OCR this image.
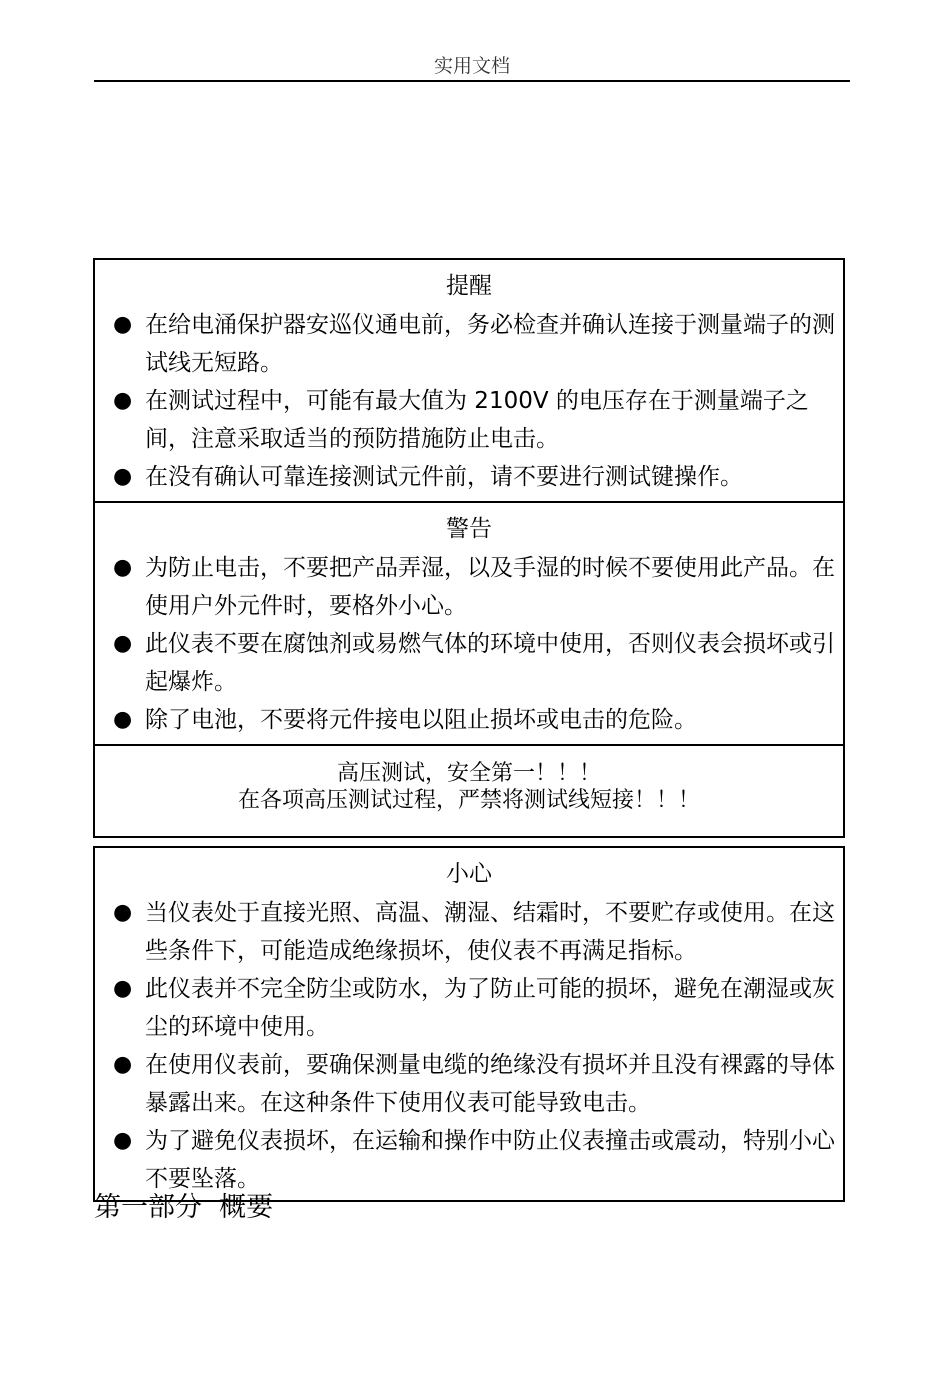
实用文档
提醒
● 在给电涌保护器安巡仪通电前，务必检查并确认连接于测量端子的测试线无短路。
● 在测试过程中，可能有最大值为 2100V 的电压存在于测量端子之间，注意采取适当的预防措施防止电击。
● 在没有确认可靠连接测试元件前，请不要进行测试键操作。
警告
● 为防止电击，不要把产品弄湿，以及手湿的时候不要使用此产品。在使用户外元件时，要格外小心。
● 此仪表不要在腐蚀剂或易燃气体的环境中使用，否则仪表会损坏或引起爆炸。
● 除了电池，不要将元件接电以阻止损坏或电击的危险。
高压测试，安全第一！！！
在各项高压测试过程，严禁将测试线短接！！！
小心
● 当仪表处于直接光照、高温、潮湿、结霜时，不要贮存或使用。在这些条件下，可能造成绝缘损坏，使仪表不再满足指标。
● 此仪表并不完全防尘或防水，为了防止可能的损坏，避免在潮湿或灰尘的环境中使用。
● 在使用仪表前，要确保测量电缆的绝缘没有损坏并且没有裸露的导体暴露出来。在这种条件下使用仪表可能导致电击。
● 为了避免仪表损坏，在运输和操作中防止仪表撞击或震动，特别小心不要坠落。
第一部分  概要
